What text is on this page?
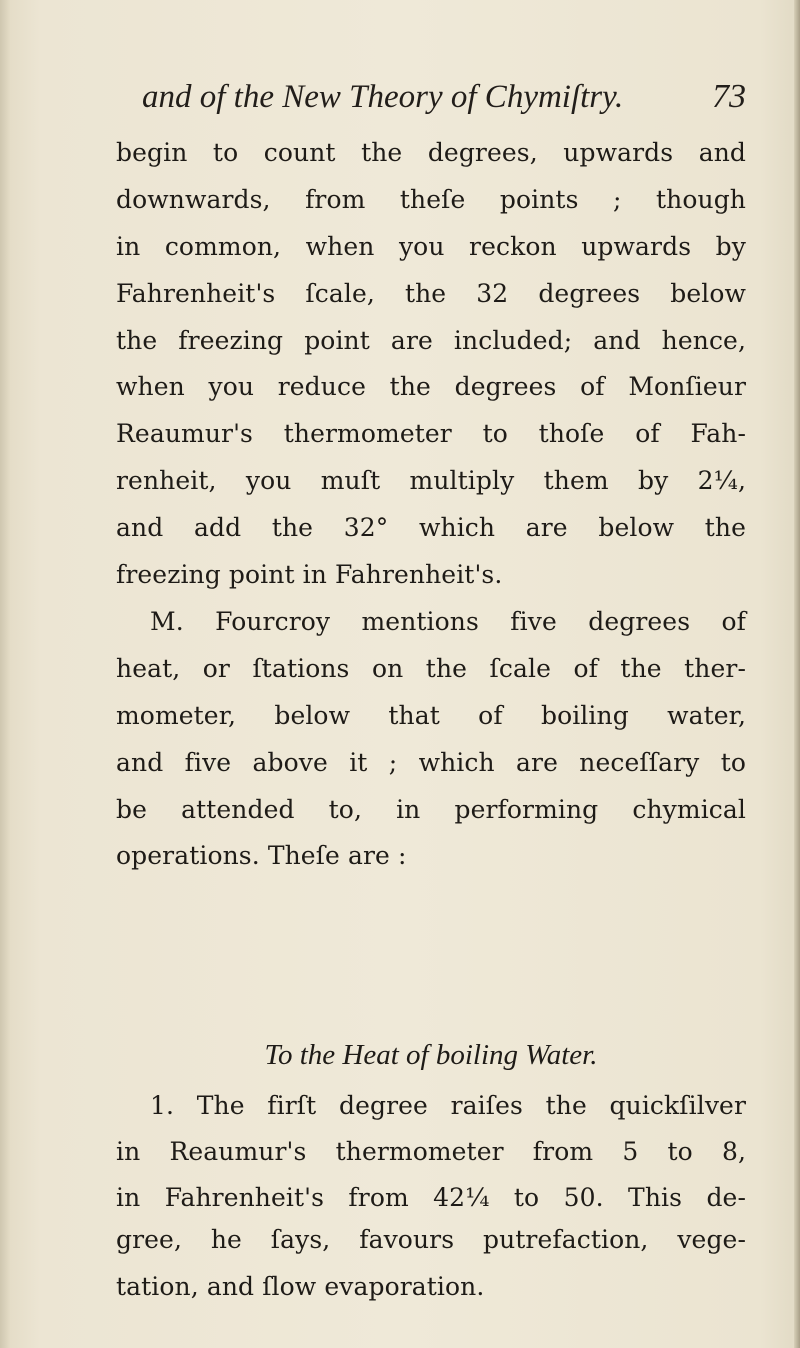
and of the New Theory of Chymiſtry.	73
begin to count the degrees, upwards and
downwards, from theſe points ; though
in common, when you reckon upwards by
Fahrenheit's ſcale, the 32 degrees below
the freezing point are included; and hence,
when you reduce the degrees of Monſieur
Reaumur's thermometer to thoſe of Fah-
renheit, you muſt multiply them by 2¼,
and add the 32° which are below the
freezing point in Fahrenheit's.
M. Fourcroy mentions five degrees of
heat, or ſtations on the ſcale of the ther-
mometer, below that of boiling water,
and five above it ; which are neceſſary to
be attended to, in performing chymical
operations. Theſe are :
To the Heat of boiling Water.
1. The firſt degree raiſes the quickſilver
in Reaumur's thermometer from 5 to 8,
in Fahrenheit's from 42¼ to 50. This de-
gree, he ſays, favours putrefaction, vege-
tation, and ſlow evaporation.
